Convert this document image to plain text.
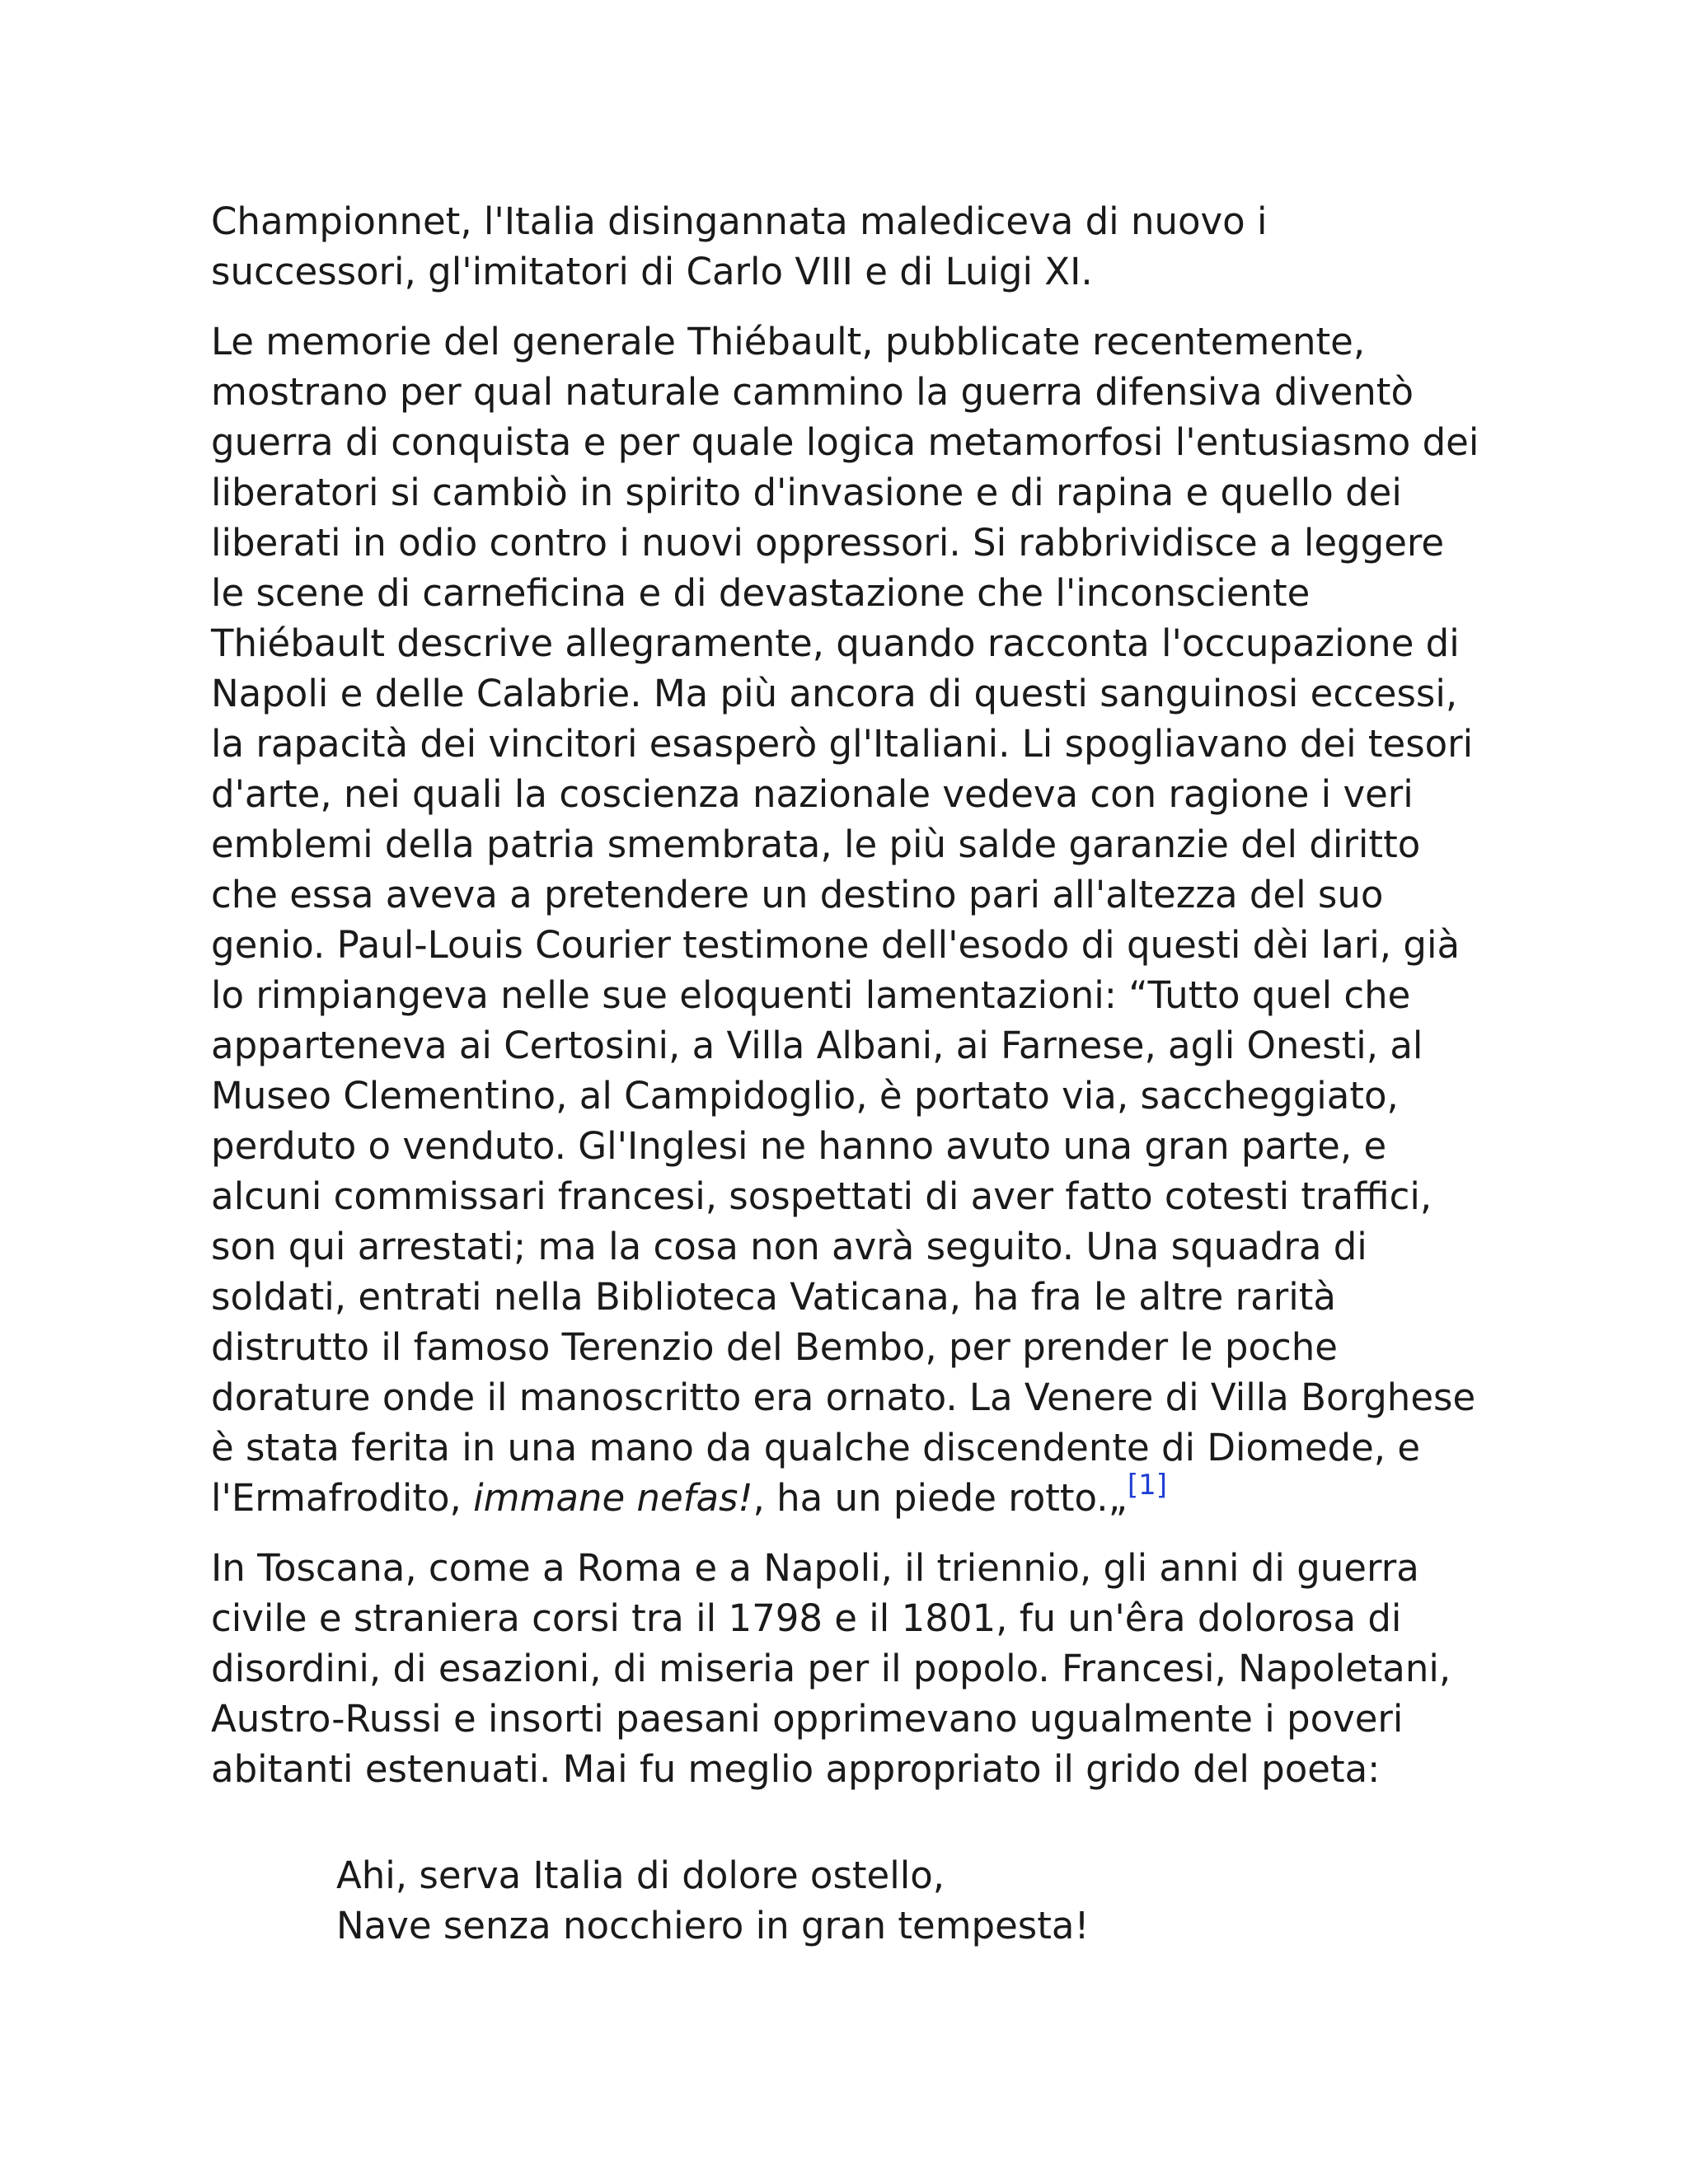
Championnet, l'Italia disingannata malediceva di nuovo i successori, gl'imitatori di Carlo VIII e di Luigi XI.

Le memorie del generale Thiébault, pubblicate recentemente, mostrano per qual naturale cammino la guerra difensiva diventò guerra di conquista e per quale logica metamorfosi l'entusiasmo dei liberatori si cambiò in spirito d'invasione e di rapina e quello dei liberati in odio contro i nuovi oppressori. Si rabbrividisce a leggere le scene di carneficina e di devastazione che l'inconsciente Thiébault descrive allegramente, quando racconta l'occupazione di Napoli e delle Calabrie. Ma più ancora di questi sanguinosi eccessi, la rapacità dei vincitori esasperò gl'Italiani. Li spogliavano dei tesori d'arte, nei quali la coscienza nazionale vedeva con ragione i veri emblemi della patria smembrata, le più salde garanzie del diritto che essa aveva a pretendere un destino pari all'altezza del suo genio. Paul-Louis Courier testimone dell'esodo di questi dèi lari, già lo rimpiangeva nelle sue eloquenti lamentazioni: “Tutto quel che apparteneva ai Certosini, a Villa Albani, ai Farnese, agli Onesti, al Museo Clementino, al Campidoglio, è portato via, saccheggiato, perduto o venduto. Gl'Inglesi ne hanno avuto una gran parte, e alcuni commissari francesi, sospettati di aver fatto cotesti traffici, son qui arrestati; ma la cosa non avrà seguito. Una squadra di soldati, entrati nella Biblioteca Vaticana, ha fra le altre rarità distrutto il famoso Terenzio del Bembo, per prender le poche dorature onde il manoscritto era ornato. La Venere di Villa Borghese è stata ferita in una mano da qualche discendente di Diomede, e l'Ermafrodito, immane nefas!, ha un piede rotto.„[1]

In Toscana, come a Roma e a Napoli, il triennio, gli anni di guerra civile e straniera corsi tra il 1798 e il 1801, fu un'êra dolorosa di disordini, di esazioni, di miseria per il popolo. Francesi, Napoletani, Austro-Russi e insorti paesani opprimevano ugualmente i poveri abitanti estenuati. Mai fu meglio appropriato il grido del poeta:

Ahi, serva Italia di dolore ostello,
Nave senza nocchiero in gran tempesta!
